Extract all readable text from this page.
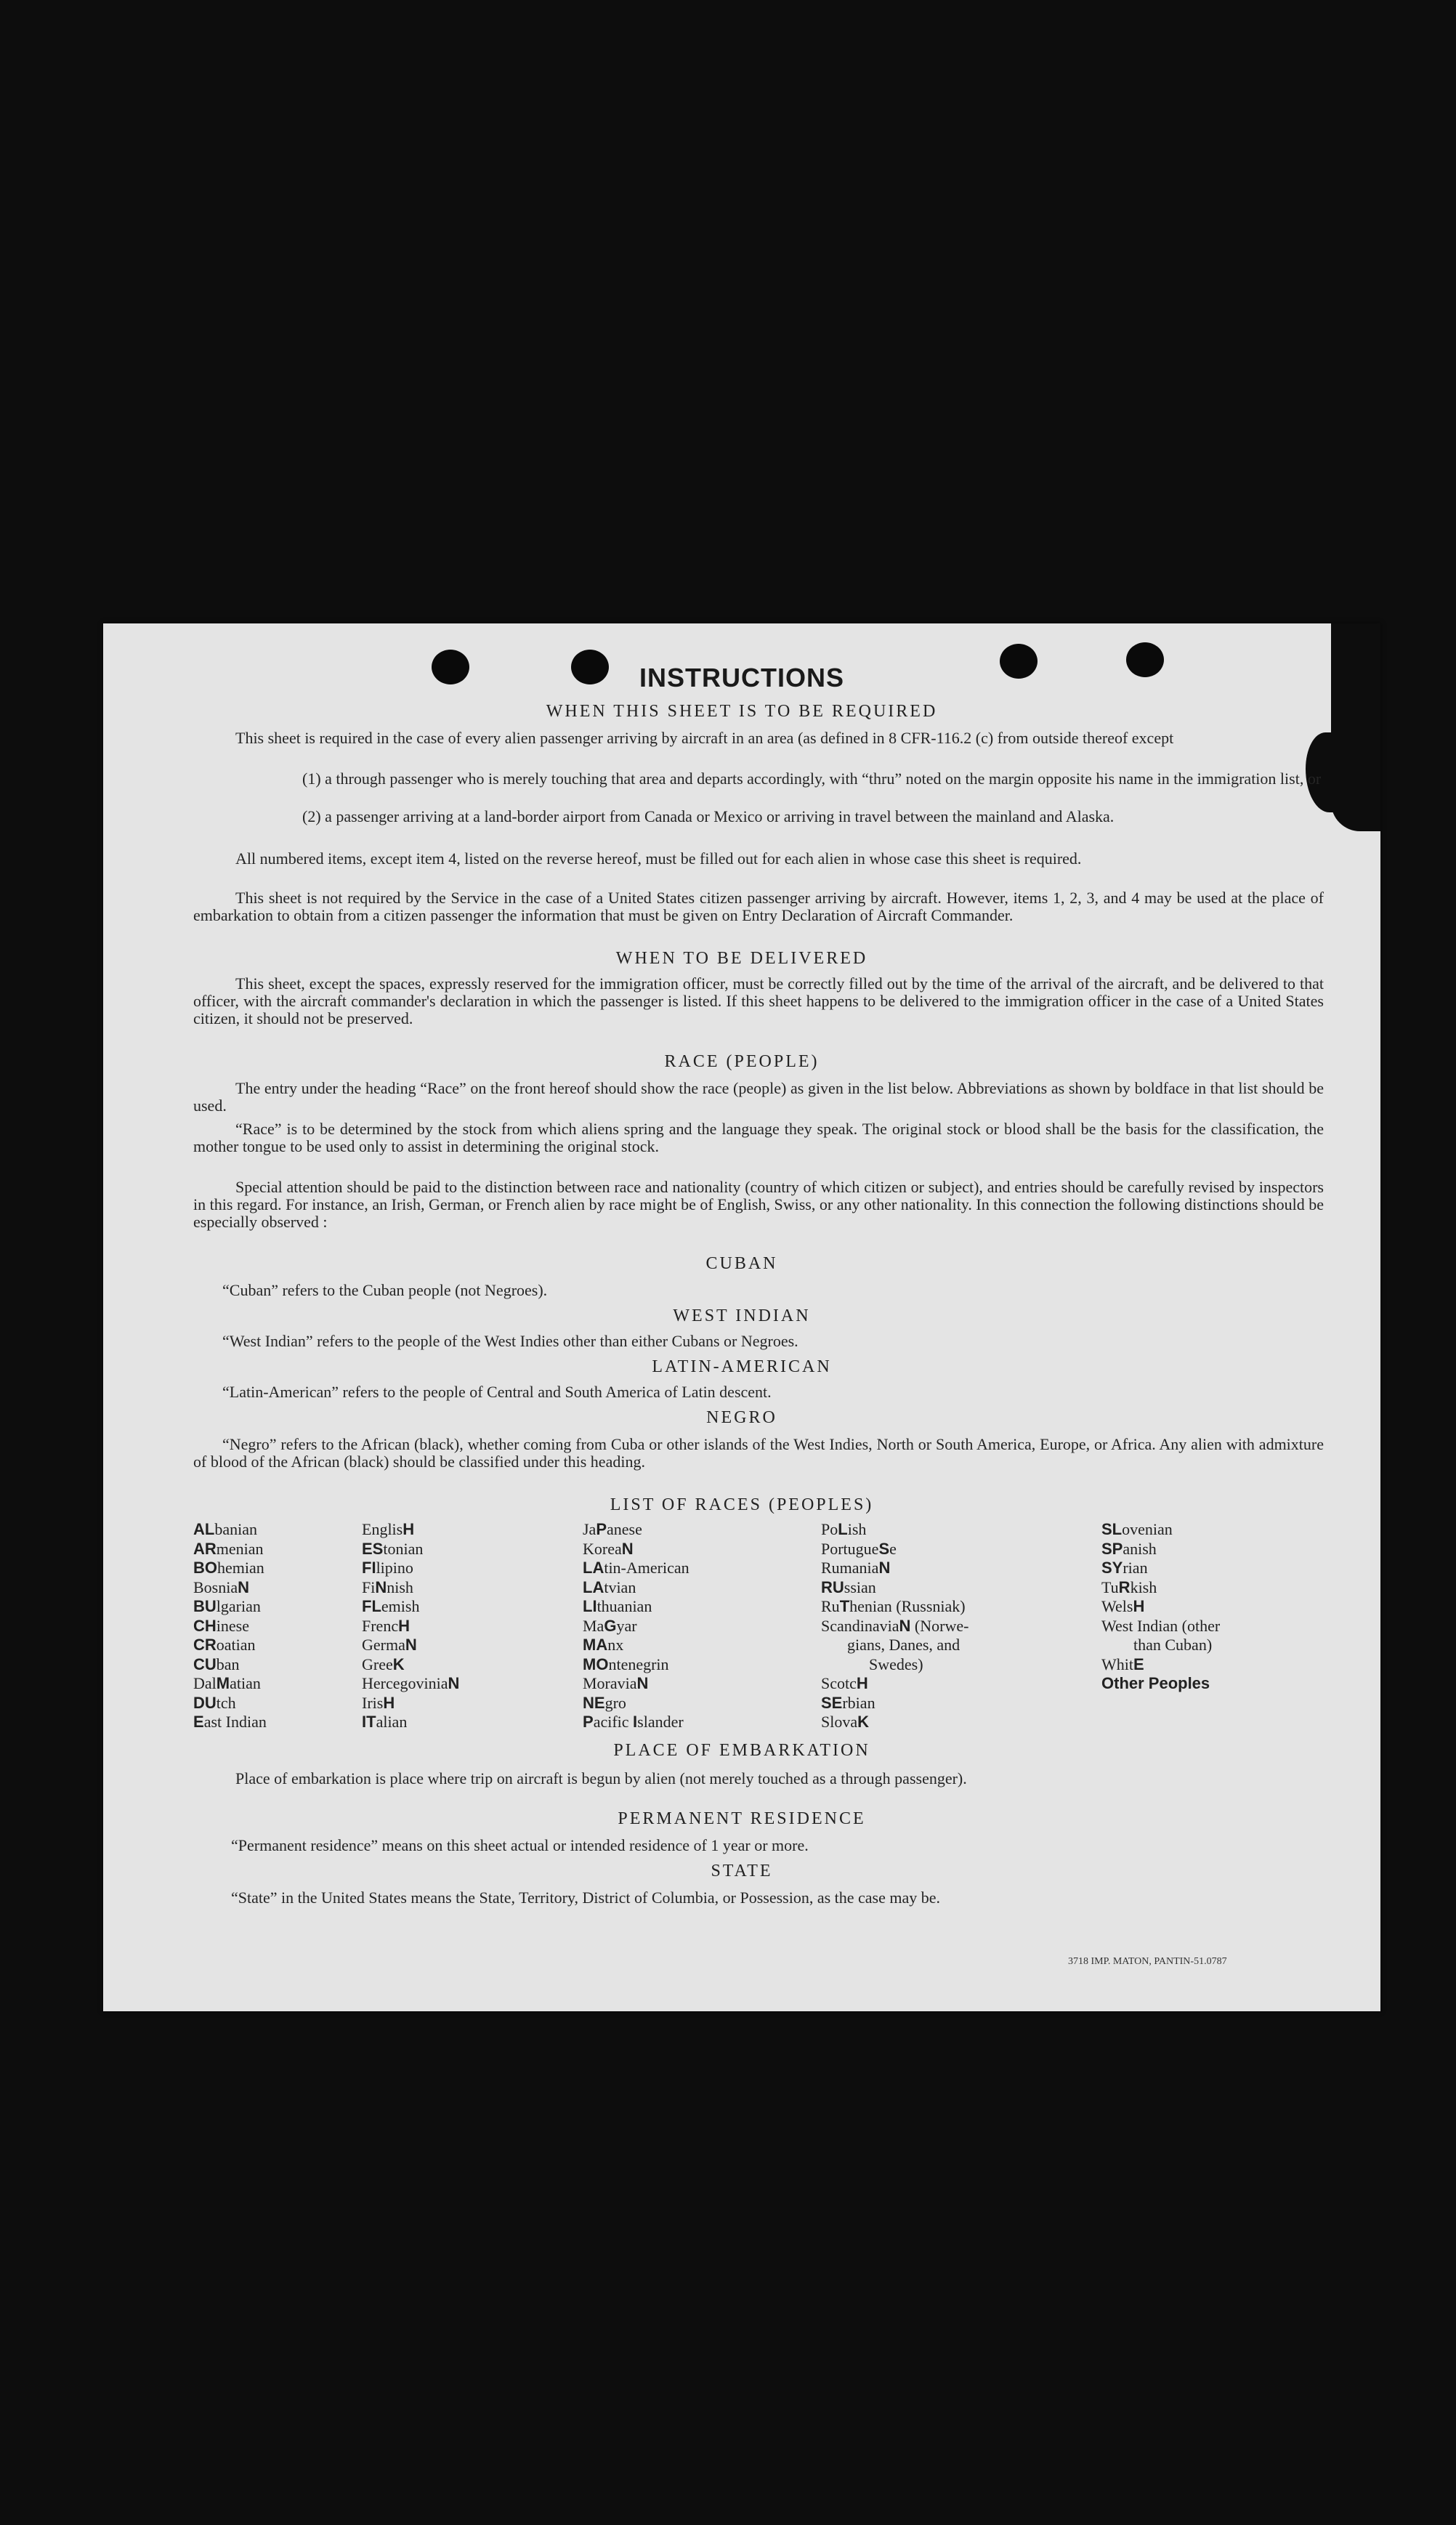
INSTRUCTIONS
WHEN THIS SHEET IS TO BE REQUIRED
This sheet is required in the case of every alien passenger arriving by aircraft in an area (as defined in 8 CFR-116.2 (c) from outside thereof except
(1) a through passenger who is merely touching that area and departs accordingly, with “thru” noted on the margin opposite his name in the immigration list, or
(2) a passenger arriving at a land-border airport from Canada or Mexico or arriving in travel between the mainland and Alaska.
All numbered items, except item 4, listed on the reverse hereof, must be filled out for each alien in whose case this sheet is required.
This sheet is not required by the Service in the case of a United States citizen passenger arriving by aircraft. However, items 1, 2, 3, and 4 may be used at the place of embarkation to obtain from a citizen passenger the information that must be given on Entry Declaration of Aircraft Commander.
WHEN TO BE DELIVERED
This sheet, except the spaces, expressly reserved for the immigration officer, must be correctly filled out by the time of the arrival of the aircraft, and be delivered to that officer, with the aircraft commander's declaration in which the passenger is listed. If this sheet happens to be delivered to the immigration officer in the case of a United States citizen, it should not be preserved.
RACE (PEOPLE)
The entry under the heading “Race” on the front hereof should show the race (people) as given in the list below. Abbreviations as shown by boldface in that list should be used.
“Race” is to be determined by the stock from which aliens spring and the language they speak. The original stock or blood shall be the basis for the classification, the mother tongue to be used only to assist in determining the original stock.
Special attention should be paid to the distinction between race and nationality (country of which citizen or subject), and entries should be carefully revised by inspectors in this regard. For instance, an Irish, German, or French alien by race might be of English, Swiss, or any other nationality. In this connection the following distinctions should be especially observed :
CUBAN
“Cuban” refers to the Cuban people (not Negroes).
WEST INDIAN
“West Indian” refers to the people of the West Indies other than either Cubans or Negroes.
LATIN-AMERICAN
“Latin-American” refers to the people of Central and South America of Latin descent.
NEGRO
“Negro” refers to the African (black), whether coming from Cuba or other islands of the West Indies, North or South America, Europe, or Africa. Any alien with admixture of blood of the African (black) should be classified under this heading.
LIST OF RACES (PEOPLES)
ALbanian
ARmenian
BOhemian
BosniaN
BUlgarian
CHinese
CRoatian
CUban
DalMatian
DUtch
East Indian
EnglisH
EStonian
FIlipino
FiNnish
FLemish
FrencH
GermaN
GreeK
HercegoviniaN
IrisH
ITalian
JaPanese
KoreaN
LAtin-American
LAtvian
LIthuanian
MaGyar
MAnx
MOntenegrin
MoraviaN
NEgro
Pacific Islander
PoLish
PortugueSe
RumaniaN
RUssian
RuThenian (Russniak)
ScandinaviaN (Norwe-
gians, Danes, and
Swedes)
ScotcH
SErbian
SlovaK
SLovenian
SPanish
SYrian
TuRkish
WelsH
West Indian (other
than Cuban)
WhitE
Other Peoples
PLACE OF EMBARKATION
Place of embarkation is place where trip on aircraft is begun by alien (not merely touched as a through passenger).
PERMANENT RESIDENCE
“Permanent residence” means on this sheet actual or intended residence of 1 year or more.
STATE
“State” in the United States means the State, Territory, District of Columbia, or Possession, as the case may be.
3718 IMP. MATON, PANTIN-51.0787
